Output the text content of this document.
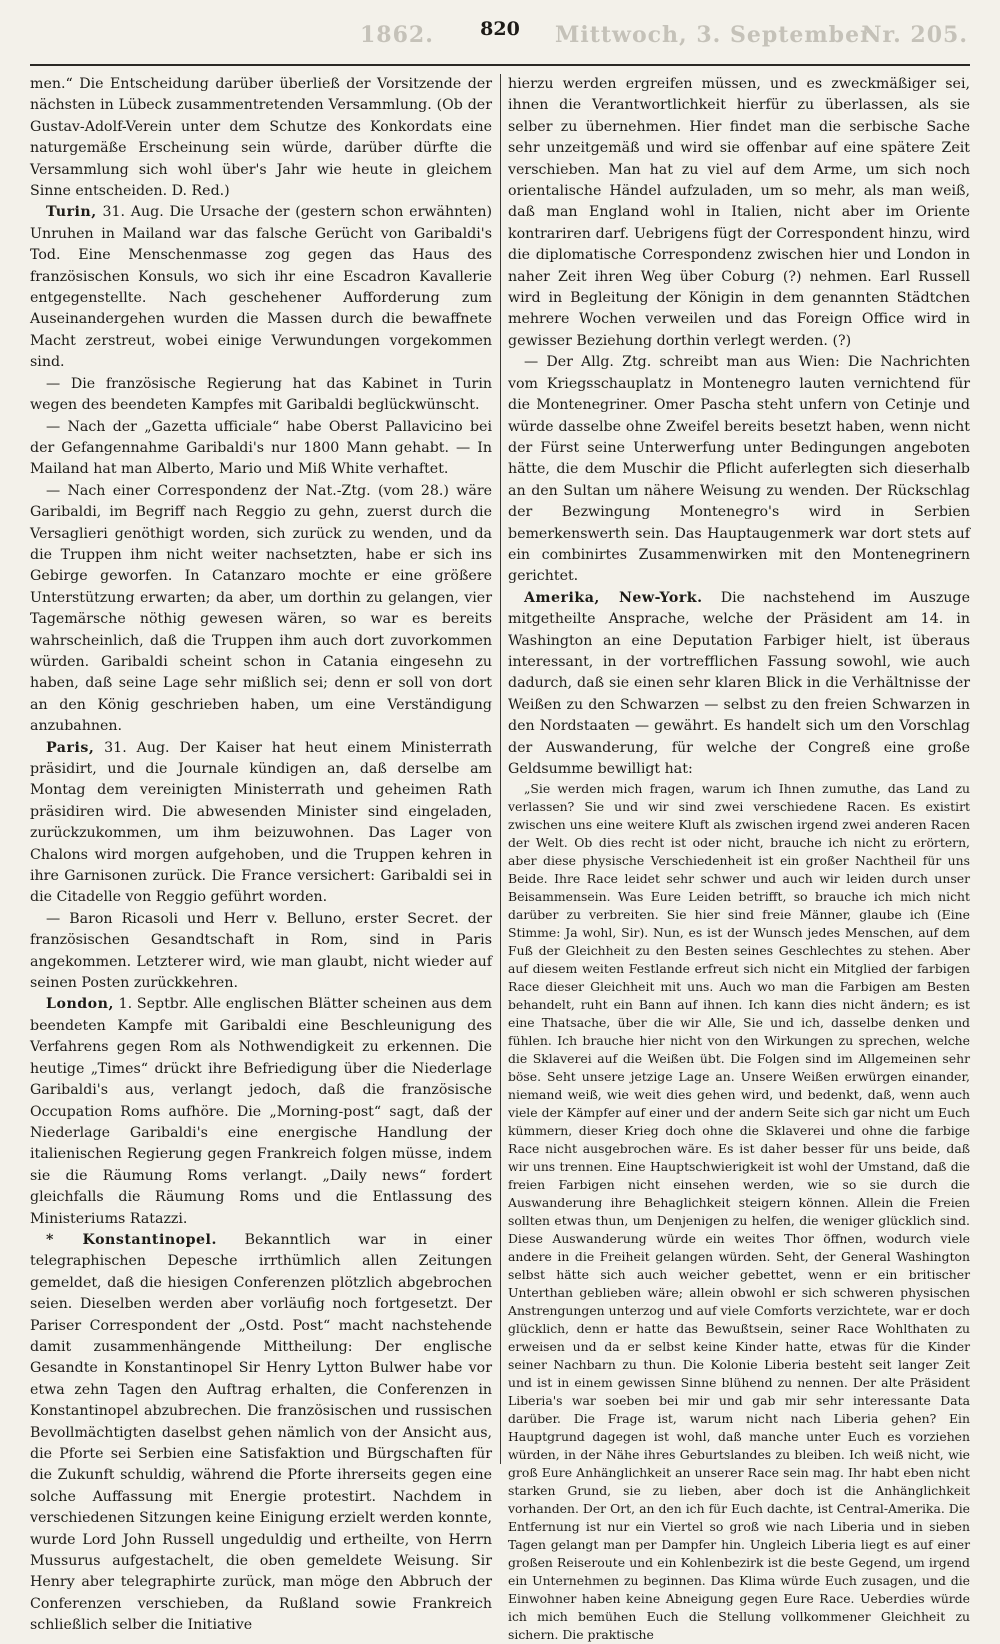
1862.	820	Mittwoch, 3. September
Nr. 205.

men.“ Die Entscheidung darüber überließ der Vorsitzende der nächsten in Lübeck zusammentretenden Versammlung. (Ob der Gustav-Adolf-Verein unter dem Schutze des Konkordats eine naturgemäße Erscheinung sein würde, darüber dürfte die Versammlung sich wohl über's Jahr wie heute in gleichem Sinne entscheiden. D. Red.)

Turin, 31. Aug. Die Ursache der (gestern schon erwähnten) Unruhen in Mailand war das falsche Gerücht von Garibaldi's Tod. Eine Menschenmasse zog gegen das Haus des französischen Konsuls, wo sich ihr eine Escadron Kavallerie entgegenstellte. Nach geschehener Aufforderung zum Auseinandergehen wurden die Massen durch die bewaffnete Macht zerstreut, wobei einige Verwundungen vorgekommen sind.

— Die französische Regierung hat das Kabinet in Turin wegen des beendeten Kampfes mit Garibaldi beglückwünscht.

— Nach der „Gazetta ufficiale“ habe Oberst Pallavicino bei der Gefangennahme Garibaldi's nur 1800 Mann gehabt. — In Mailand hat man Alberto, Mario und Miß White verhaftet.

— Nach einer Correspondenz der Nat.-Ztg. (vom 28.) wäre Garibaldi, im Begriff nach Reggio zu gehn, zuerst durch die Versaglieri genöthigt worden, sich zurück zu wenden, und da die Truppen ihm nicht weiter nachsetzten, habe er sich ins Gebirge geworfen. In Catanzaro mochte er eine größere Unterstützung erwarten; da aber, um dorthin zu gelangen, vier Tagemärsche nöthig gewesen wären, so war es bereits wahrscheinlich, daß die Truppen ihm auch dort zuvorkommen würden. Garibaldi scheint schon in Catania eingesehn zu haben, daß seine Lage sehr mißlich sei; denn er soll von dort an den König geschrieben haben, um eine Verständigung anzubahnen.

Paris, 31. Aug. Der Kaiser hat heut einem Ministerrath präsidirt, und die Journale kündigen an, daß derselbe am Montag dem vereinigten Ministerrath und geheimen Rath präsidiren wird. Die abwesenden Minister sind eingeladen, zurückzukommen, um ihm beizuwohnen. Das Lager von Chalons wird morgen aufgehoben, und die Truppen kehren in ihre Garnisonen zurück. Die France versichert: Garibaldi sei in die Citadelle von Reggio geführt worden.

— Baron Ricasoli und Herr v. Belluno, erster Secret. der französischen Gesandtschaft in Rom, sind in Paris angekommen. Letzterer wird, wie man glaubt, nicht wieder auf seinen Posten zurückkehren.

London, 1. Septbr. Alle englischen Blätter scheinen aus dem beendeten Kampfe mit Garibaldi eine Beschleunigung des Verfahrens gegen Rom als Nothwendigkeit zu erkennen. Die heutige „Times“ drückt ihre Befriedigung über die Niederlage Garibaldi's aus, verlangt jedoch, daß die französische Occupation Roms aufhöre. Die „Morning-post“ sagt, daß der Niederlage Garibaldi's eine energische Handlung der italienischen Regierung gegen Frankreich folgen müsse, indem sie die Räumung Roms verlangt. „Daily news“ fordert gleichfalls die Räumung Roms und die Entlassung des Ministeriums Ratazzi.

* Konstantinopel. Bekanntlich war in einer telegraphischen Depesche irrthümlich allen Zeitungen gemeldet, daß die hiesigen Conferenzen plötzlich abgebrochen seien. Dieselben werden aber vorläufig noch fortgesetzt. Der Pariser Correspondent der „Ostd. Post“ macht nachstehende damit zusammenhängende Mittheilung: Der englische Gesandte in Konstantinopel Sir Henry Lytton Bulwer habe vor etwa zehn Tagen den Auftrag erhalten, die Conferenzen in Konstantinopel abzubrechen. Die französischen und russischen Bevollmächtigten daselbst gehen nämlich von der Ansicht aus, die Pforte sei Serbien eine Satisfaktion und Bürgschaften für die Zukunft schuldig, während die Pforte ihrerseits gegen eine solche Auffassung mit Energie protestirt. Nachdem in verschiedenen Sitzungen keine Einigung erzielt werden konnte, wurde Lord John Russell ungeduldig und ertheilte, von Herrn Mussurus aufgestachelt, die oben gemeldete Weisung. Sir Henry aber telegraphirte zurück, man möge den Abbruch der Conferenzen verschieben, da Rußland sowie Frankreich schließlich selber die Initiative

hierzu werden ergreifen müssen, und es zweckmäßiger sei, ihnen die Verantwortlichkeit hierfür zu überlassen, als sie selber zu übernehmen. Hier findet man die serbische Sache sehr unzeitgemäß und wird sie offenbar auf eine spätere Zeit verschieben. Man hat zu viel auf dem Arme, um sich noch orientalische Händel aufzuladen, um so mehr, als man weiß, daß man England wohl in Italien, nicht aber im Oriente kontrariren darf. Uebrigens fügt der Correspondent hinzu, wird die diplomatische Correspondenz zwischen hier und London in naher Zeit ihren Weg über Coburg (?) nehmen. Earl Russell wird in Begleitung der Königin in dem genannten Städtchen mehrere Wochen verweilen und das Foreign Office wird in gewisser Beziehung dorthin verlegt werden. (?)

— Der Allg. Ztg. schreibt man aus Wien: Die Nachrichten vom Kriegsschauplatz in Montenegro lauten vernichtend für die Montenegriner. Omer Pascha steht unfern von Cetinje und würde dasselbe ohne Zweifel bereits besetzt haben, wenn nicht der Fürst seine Unterwerfung unter Bedingungen angeboten hätte, die dem Muschir die Pflicht auferlegten sich dieserhalb an den Sultan um nähere Weisung zu wenden. Der Rückschlag der Bezwingung Montenegro's wird in Serbien bemerkenswerth sein. Das Hauptaugenmerk war dort stets auf ein combinirtes Zusammenwirken mit den Montenegrinern gerichtet.

Amerika, New-York. Die nachstehend im Auszuge mitgetheilte Ansprache, welche der Präsident am 14. in Washington an eine Deputation Farbiger hielt, ist überaus interessant, in der vortrefflichen Fassung sowohl, wie auch dadurch, daß sie einen sehr klaren Blick in die Verhältnisse der Weißen zu den Schwarzen — selbst zu den freien Schwarzen in den Nordstaaten — gewährt. Es handelt sich um den Vorschlag der Auswanderung, für welche der Congreß eine große Geldsumme bewilligt hat:

„Sie werden mich fragen, warum ich Ihnen zumuthe, das Land zu verlassen? Sie und wir sind zwei verschiedene Racen. Es existirt zwischen uns eine weitere Kluft als zwischen irgend zwei anderen Racen der Welt. Ob dies recht ist oder nicht, brauche ich nicht zu erörtern, aber diese physische Verschiedenheit ist ein großer Nachtheil für uns Beide. Ihre Race leidet sehr schwer und auch wir leiden durch unser Beisammensein. Was Eure Leiden betrifft, so brauche ich mich nicht darüber zu verbreiten. Sie hier sind freie Männer, glaube ich (Eine Stimme: Ja wohl, Sir). Nun, es ist der Wunsch jedes Menschen, auf dem Fuß der Gleichheit zu den Besten seines Geschlechtes zu stehen. Aber auf diesem weiten Festlande erfreut sich nicht ein Mitglied der farbigen Race dieser Gleichheit mit uns. Auch wo man die Farbigen am Besten behandelt, ruht ein Bann auf ihnen. Ich kann dies nicht ändern; es ist eine Thatsache, über die wir Alle, Sie und ich, dasselbe denken und fühlen. Ich brauche hier nicht von den Wirkungen zu sprechen, welche die Sklaverei auf die Weißen übt. Die Folgen sind im Allgemeinen sehr böse. Seht unsere jetzige Lage an. Unsere Weißen erwürgen einander, niemand weiß, wie weit dies gehen wird, und bedenkt, daß, wenn auch viele der Kämpfer auf einer und der andern Seite sich gar nicht um Euch kümmern, dieser Krieg doch ohne die Sklaverei und ohne die farbige Race nicht ausgebrochen wäre. Es ist daher besser für uns beide, daß wir uns trennen. Eine Hauptschwierigkeit ist wohl der Umstand, daß die freien Farbigen nicht einsehen werden, wie so sie durch die Auswanderung ihre Behaglichkeit steigern können. Allein die Freien sollten etwas thun, um Denjenigen zu helfen, die weniger glücklich sind. Diese Auswanderung würde ein weites Thor öffnen, wodurch viele andere in die Freiheit gelangen würden. Seht, der General Washington selbst hätte sich auch weicher gebettet, wenn er ein britischer Unterthan geblieben wäre; allein obwohl er sich schweren physischen Anstrengungen unterzog und auf viele Comforts verzichtete, war er doch glücklich, denn er hatte das Bewußtsein, seiner Race Wohlthaten zu erweisen und da er selbst keine Kinder hatte, etwas für die Kinder seiner Nachbarn zu thun. Die Kolonie Liberia besteht seit langer Zeit und ist in einem gewissen Sinne blühend zu nennen. Der alte Präsident Liberia's war soeben bei mir und gab mir sehr interessante Data darüber. Die Frage ist, warum nicht nach Liberia gehen? Ein Hauptgrund dagegen ist wohl, daß manche unter Euch es vorziehen würden, in der Nähe ihres Geburtslandes zu bleiben. Ich weiß nicht, wie groß Eure Anhänglichkeit an unserer Race sein mag. Ihr habt eben nicht starken Grund, sie zu lieben, aber doch ist die Anhänglichkeit vorhanden. Der Ort, an den ich für Euch dachte, ist Central-Amerika. Die Entfernung ist nur ein Viertel so groß wie nach Liberia und in sieben Tagen gelangt man per Dampfer hin. Ungleich Liberia liegt es auf einer großen Reiseroute und ein Kohlenbezirk ist die beste Gegend, um irgend ein Unternehmen zu beginnen. Das Klima würde Euch zusagen, und die Einwohner haben keine Abneigung gegen Eure Race. Ueberdies würde ich mich bemühen Euch die Stellung vollkommener Gleichheit zu sichern. Die praktische
